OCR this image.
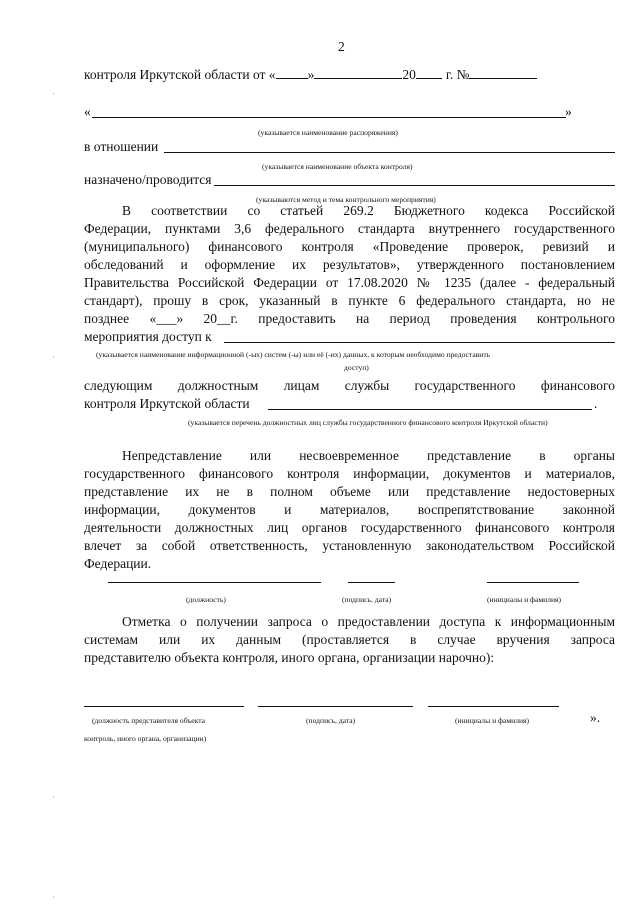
2
контроля Иркутской области от « »	20 г. №
«	»
(указывается наименование распоряжения)
в отношении
(указывается наименование объекта контроля)
назначено/проводится
(указываются метод и тема контрольного мероприятия)
В соответствии со статьей 269.2 Бюджетного кодекса Российской
Федерации, пунктами 3,6 федерального стандарта внутреннего государственного
(муниципального) финансового контроля «Проведение проверок, ревизий и
обследований и оформление их результатов», утвержденного постановлением
Правительства Российской Федерации от 17.08.2020 № 1235 (далее - федеральный
стандарт), прошу в срок, указанный в пункте 6 федерального стандарта, но не
позднее «___» 20__г. предоставить на период проведения контрольного
мероприятия доступ к
(указывается наименование информационной (-ых) систем (-ы) или её (-их) данных, к которым необходимо предоставить
доступ)
следующим должностным лицам службы государственного финансового
контроля Иркутской области	.
(указывается перечень должностных лиц службы государственного финансового контроля Иркутской области)
Непредставление или несвоевременное представление в органы
государственного финансового контроля информации, документов и материалов,
представление их не в полном объеме или представление недостоверных
информации, документов и материалов, воспрепятствование законной
деятельности должностных лиц органов государственного финансового контроля
влечет за собой ответственность, установленную законодательством Российской
Федерации.
(должность)	(подпись, дата)	(инициалы и фамилия)
Отметка о получении запроса о предоставлении доступа к информационным
системам или их данным (проставляется в случае вручения запроса
представителю объекта контроля, иного органа, организации нарочно):
(должность представителя объекта
контроль, иного органа, организации)
(подпись, дата)	(инициалы и фамилия)	».
·
·
·
·
